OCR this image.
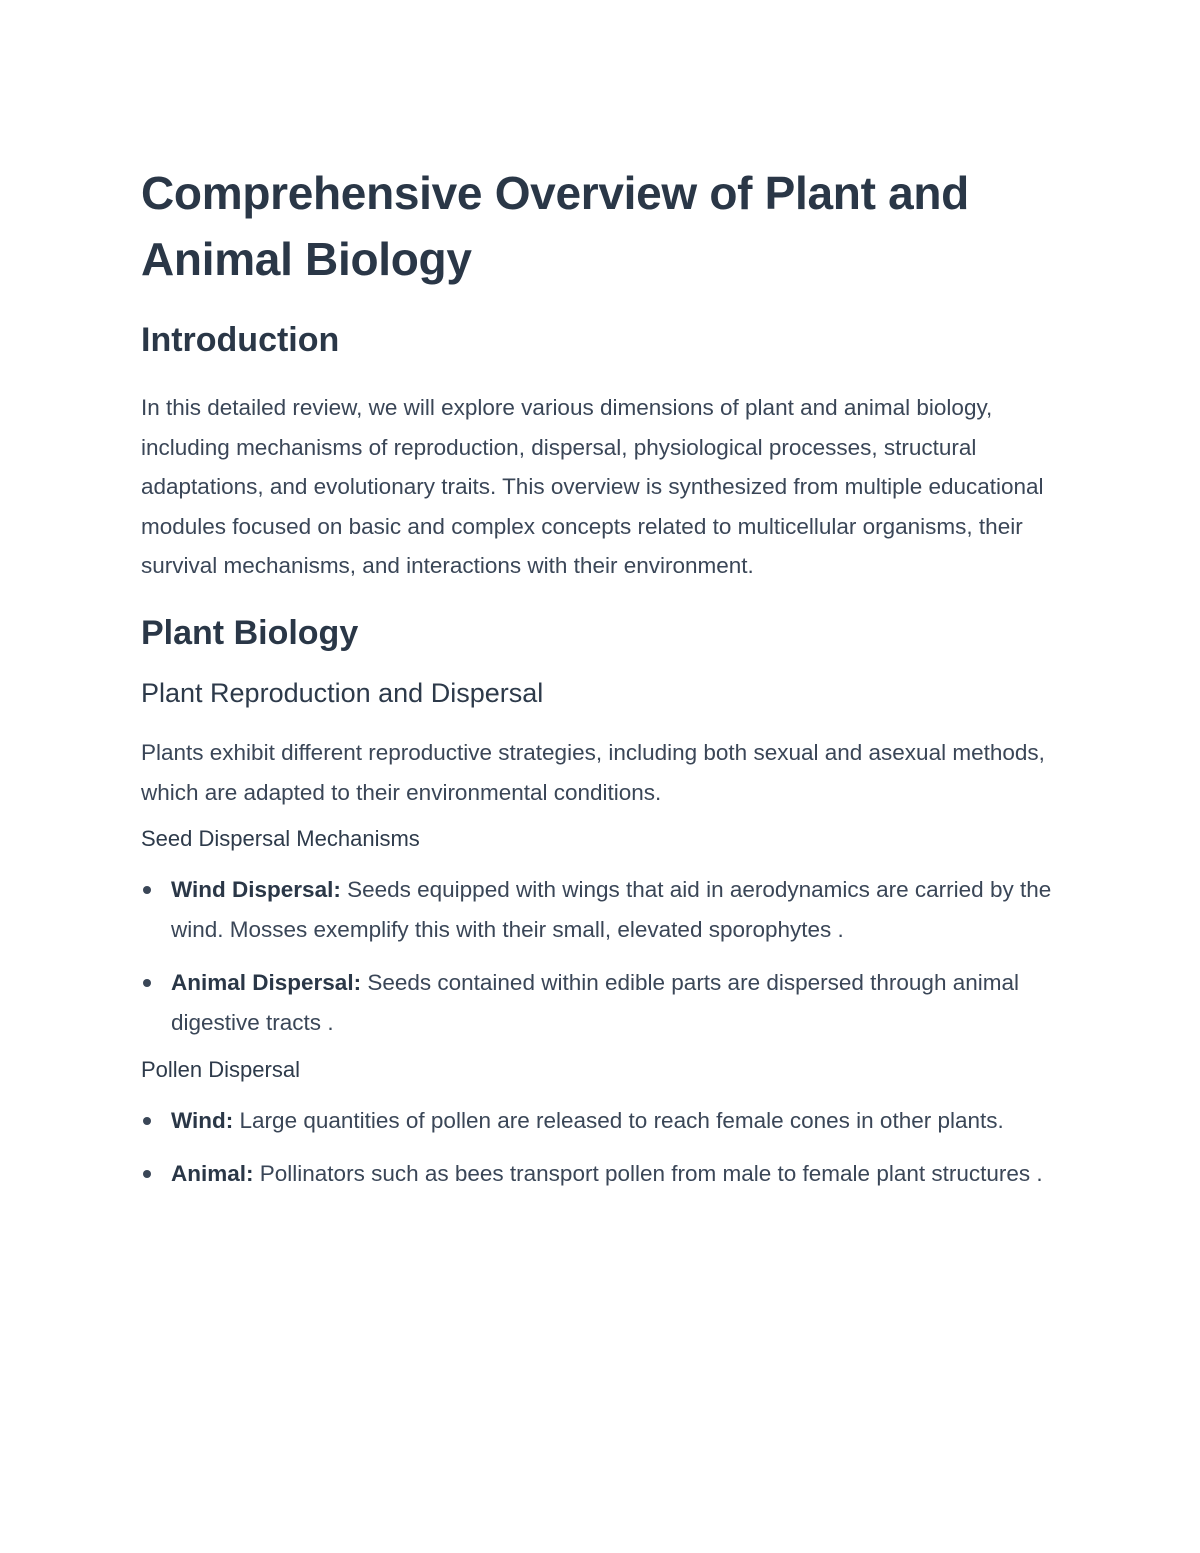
Comprehensive Overview of Plant and Animal Biology
Introduction

In this detailed review, we will explore various dimensions of plant and animal biology, including mechanisms of reproduction, dispersal, physiological processes, structural adaptations, and evolutionary traits. This overview is synthesized from multiple educational modules focused on basic and complex concepts related to multicellular organisms, their survival mechanisms, and interactions with their environment.

Plant Biology
Plant Reproduction and Dispersal

Plants exhibit different reproductive strategies, including both sexual and asexual methods, which are adapted to their environmental conditions.

Seed Dispersal Mechanisms
Wind Dispersal: Seeds equipped with wings that aid in aerodynamics are carried by the wind. Mosses exemplify this with their small, elevated sporophytes .
Animal Dispersal: Seeds contained within edible parts are dispersed through animal digestive tracts .
Pollen Dispersal
Wind: Large quantities of pollen are released to reach female cones in other plants.
Animal: Pollinators such as bees transport pollen from male to female plant structures .
